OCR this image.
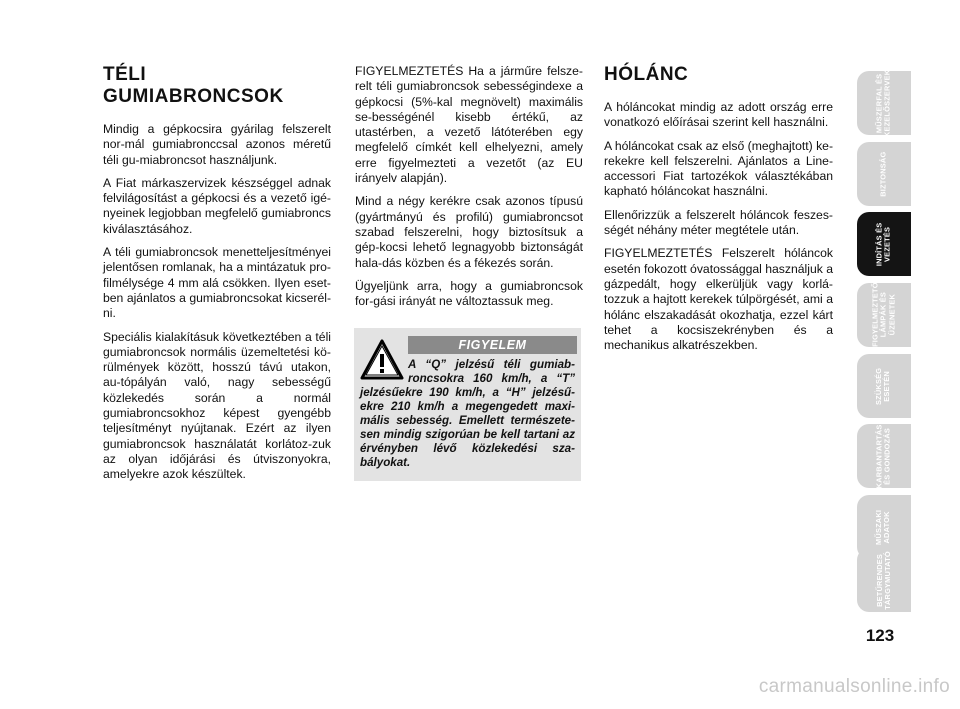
TÉLI
GUMIABRONCSOK

Mindig a gépkocsira gyárilag felszerelt nor-mál gumiabronccsal azonos méretű téli gu-miabroncsot használjunk.

A Fiat márkaszervizek készséggel adnak felvilágosítást a gépkocsi és a vezető igé-nyeinek legjobban megfelelő gumiabroncs kiválasztásához.

A téli gumiabroncsok menetteljesítményei jelentősen romlanak, ha a mintázatuk pro-filmélysége 4 mm alá csökken. Ilyen eset-ben ajánlatos a gumiabroncsokat kicserél-ni.

Speciális kialakításuk következtében a téli gumiabroncsok normális üzemeltetési kö-rülmények között, hosszú távú utakon, au-tópályán való, nagy sebességű közlekedés során a normál gumiabroncsokhoz képest gyengébb teljesítményt nyújtanak. Ezért az ilyen gumiabroncsok használatát korlátoz-zuk az olyan időjárási és útviszonyokra, amelyekre azok készültek.

FIGYELMEZTETÉS Ha a járműre felsze-relt téli gumiabroncsok sebességindexe a gépkocsi (5%-kal megnövelt) maximális se-bességénél kisebb értékű, az utastérben, a vezető látóterében egy megfelelő címkét kell elhelyezni, amely erre figyelmezteti a vezetőt (az EU irányelv alapján).

Mind a négy kerékre csak azonos típusú (gyártmányú és profilú) gumiabroncsot szabad felszerelni, hogy biztosítsuk a gép-kocsi lehető legnagyobb biztonságát hala-dás közben és a fékezés során.

Ügyeljünk arra, hogy a gumiabroncsok for-gási irányát ne változtassuk meg.

FIGYELEM
A “Q” jelzésű téli gumiab-roncsokra 160 km/h, a “T” jelzésűekre 190 km/h, a “H” jelzésű-ekre 210 km/h a megengedett maxi-mális sebesség. Emellett természete-sen mindig szigorúan be kell tartani az érvényben lévő közlekedési sza-bályokat.
HÓLÁNC

A hóláncokat mindig az adott ország erre vonatkozó előírásai szerint kell használni.

A hóláncokat csak az első (meghajtott) ke-rekekre kell felszerelni. Ajánlatos a Line-accessori Fiat tartozékok választékában kapható hóláncokat használni.

Ellenőrizzük a felszerelt hóláncok feszes-ségét néhány méter megtétele után.

FIGYELMEZTETÉS Felszerelt hóláncok esetén fokozott óvatossággal használjuk a gázpedált, hogy elkerüljük vagy korlá-tozzuk a hajtott kerekek túlpörgését, ami a hólánc elszakadását okozhatja, ezzel kárt tehet a kocsiszekrényben és a mechanikus alkatrészekben.

MŰSZERFAL ÉS
KEZELŐSZERVEK
BIZTONSÁG
INDÍTÁS ÉS
VEZETÉS
FIGYELMEZTETŐ
LÁMPÁK ÉS
ÜZENETEK
SZÜKSÉG
ESETÉN
KARBANTARTÁS
ÉS GONDOZÁS
MŰSZAKI
ADATOK
BETŰRENDES
TÁRGYMUTATÓ
123
carmanualsonline.info
